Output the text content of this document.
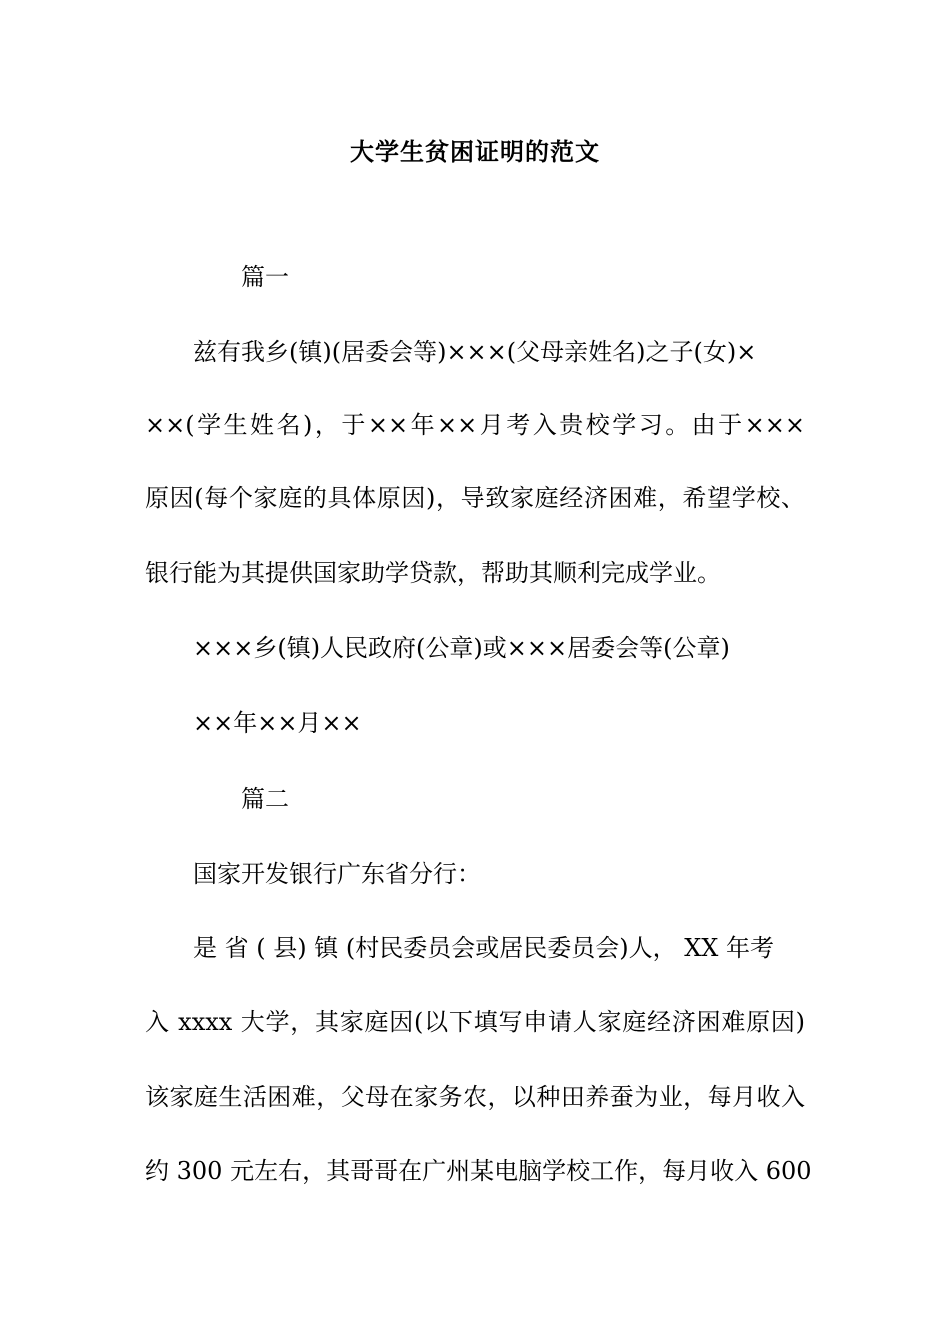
大学生贫困证明的范文

篇一

兹有我乡(镇)(居委会等)×××(父母亲姓名)之子(女)×

××(学生姓名)，于××年××月考入贵校学习。由于×××

原因(每个家庭的具体原因)，导致家庭经济困难，希望学校、

银行能为其提供国家助学贷款，帮助其顺利完成学业。

×××乡(镇)人民政府(公章)或×××居委会等(公章)

××年××月××

篇二

国家开发银行广东省分行：

是 省 ( 县) 镇 (村民委员会或居民委员会)人， XX 年考

入 xxxx 大学，其家庭因(以下填写申请人家庭经济困难原因)

该家庭生活困难，父母在家务农，以种田养蚕为业，每月收入

约 300 元左右，其哥哥在广州某电脑学校工作，每月收入 600
